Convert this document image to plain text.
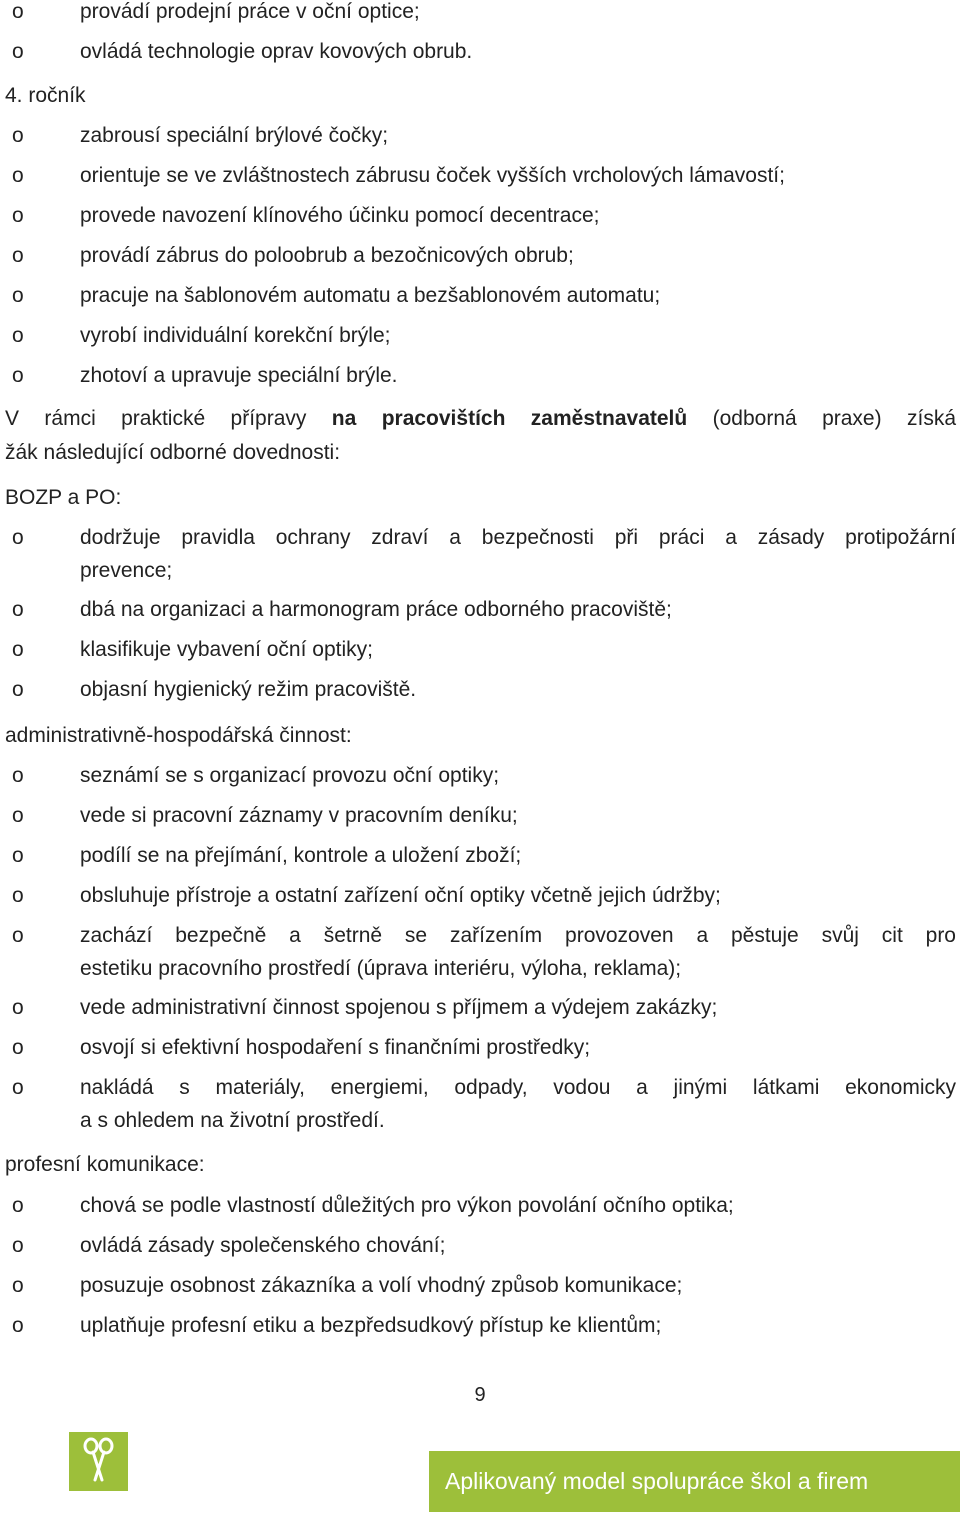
o	provádí prodejní práce v oční optice;
o	ovládá technologie oprav kovových obrub.
4. ročník
o	zabrousí speciální brýlové čočky;
o	orientuje se ve zvláštnostech zábrusu čoček vyšších vrcholových lámavostí;
o	provede navození klínového účinku pomocí decentrace;
o	provádí zábrus do poloobrub a bezočnicových obrub;
o	pracuje na šablonovém automatu a bezšablonovém automatu;
o	vyrobí individuální korekční brýle;
o	zhotoví a upravuje speciální brýle.
V rámci praktické přípravy na pracovištích zaměstnavatelů (odborná praxe) získá
žák následující odborné dovednosti:
BOZP a PO:
o	dodržuje pravidla ochrany zdraví a bezpečnosti při práci a zásady protipožární
prevence;
o	dbá na organizaci a harmonogram práce odborného pracoviště;
o	klasifikuje vybavení oční optiky;
o	objasní hygienický režim pracoviště.
administrativně-hospodářská činnost:
o	seznámí se s organizací provozu oční optiky;
o	vede si pracovní záznamy v pracovním deníku;
o	podílí se na přejímání, kontrole a uložení zboží;
o	obsluhuje přístroje a ostatní zařízení oční optiky včetně jejich údržby;
o	zachází bezpečně a šetrně se zařízením provozoven a pěstuje svůj cit pro
estetiku pracovního prostředí (úprava interiéru, výloha, reklama);
o	vede administrativní činnost spojenou s příjmem a výdejem zakázky;
o	osvojí si efektivní hospodaření s finančními prostředky;
o	nakládá s materiály, energiemi, odpady, vodou a jinými látkami ekonomicky
a s ohledem na životní prostředí.
profesní komunikace:
o	chová se podle vlastností důležitých pro výkon povolání očního optika;
o	ovládá zásady společenského chování;
o	posuzuje osobnost zákazníka a volí vhodný způsob komunikace;
o	uplatňuje profesní etiku a bezpředsudkový přístup ke klientům;
9
Aplikovaný model spolupráce škol a firem
